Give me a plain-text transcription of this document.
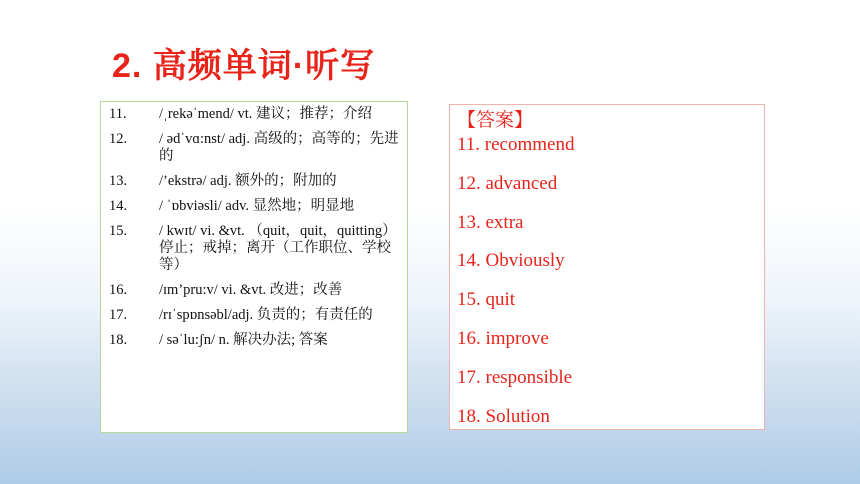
2. 高频单词·听写
11.	/ˌrekəˈmend/ vt. 建议；推荐；介绍
12.	/ ədˈvɑ:nst/ adj. 高级的；高等的；先进的
13.	/’ekstrə/ adj. 额外的；附加的
14.	/ ˈɒbviəsli/ adv. 显然地；明显地
15.	/ kwɪt/ vi. &vt. （quit，quit，quitting） 停止；戒掉；离开（工作职位、学校等）
16.	/ɪm’pru:v/ vi. &vt. 改进；改善
17.	/rɪˈspɒnsəbl/adj. 负责的；有责任的
18.	/ səˈlu:ʃn/ n. 解决办法; 答案
【答案】
11. recommend
12. advanced
13. extra
14. Obviously
15. quit
16. improve
17. responsible
18. Solution
